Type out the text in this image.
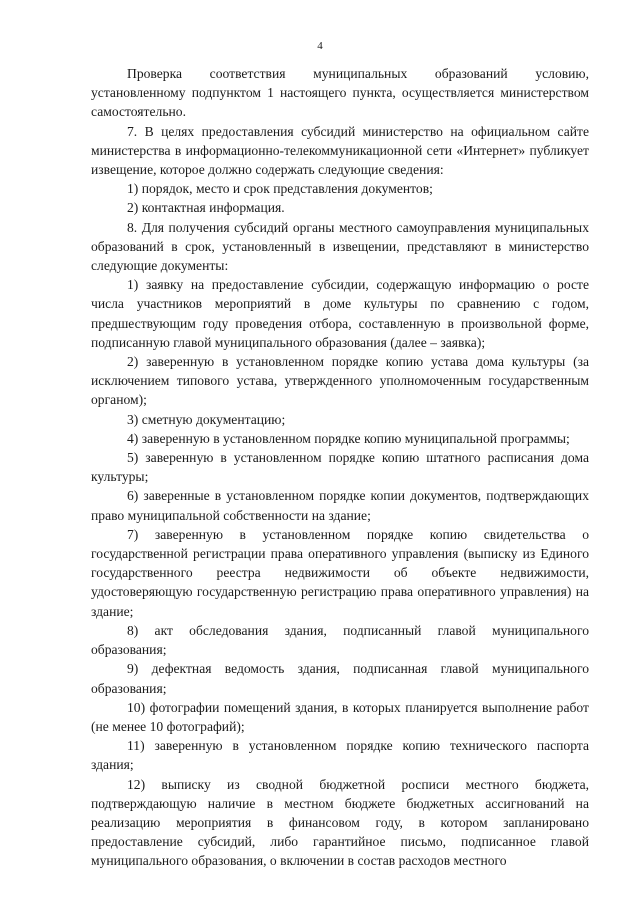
4

Проверка соответствия муниципальных образований условию, установленному подпунктом 1 настоящего пункта, осуществляется министерством самостоятельно.

7. В целях предоставления субсидий министерство на официальном сайте министерства в информационно-телекоммуникационной сети «Интернет» публикует извещение, которое должно содержать следующие сведения:

1) порядок, место и срок представления документов;

2) контактная информация.

8. Для получения субсидий органы местного самоуправления муниципальных образований в срок, установленный в извещении, представляют в министерство следующие документы:

1) заявку на предоставление субсидии, содержащую информацию о росте числа участников мероприятий в доме культуры по сравнению с годом, предшествующим году проведения отбора, составленную в произвольной форме, подписанную главой муниципального образования (далее – заявка);

2) заверенную в установленном порядке копию устава дома культуры (за исключением типового устава, утвержденного уполномоченным государственным органом);

3) сметную документацию;

4) заверенную в установленном порядке копию муниципальной программы;

5) заверенную в установленном порядке копию штатного расписания дома культуры;

6) заверенные в установленном порядке копии документов, подтверждающих право муниципальной собственности на здание;

7) заверенную в установленном порядке копию свидетельства о государственной регистрации права оперативного управления (выписку из Единого государственного реестра недвижимости об объекте недвижимости, удостоверяющую государственную регистрацию права оперативного управления) на здание;

8) акт обследования здания, подписанный главой муниципального образования;

9) дефектная ведомость здания, подписанная главой муниципального образования;

10) фотографии помещений здания, в которых планируется выполнение работ (не менее 10 фотографий);

11) заверенную в установленном порядке копию технического паспорта здания;

12) выписку из сводной бюджетной росписи местного бюджета, подтверждающую наличие в местном бюджете бюджетных ассигнований на реализацию мероприятия в финансовом году, в котором запланировано предоставление субсидий, либо гарантийное письмо, подписанное главой муниципального образования, о включении в состав расходов местного
